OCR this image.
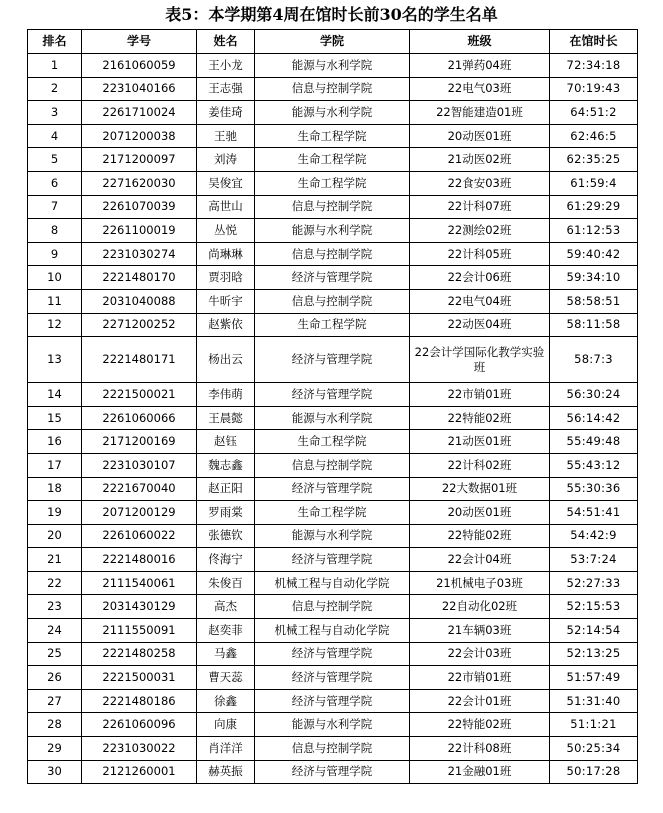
表5：本学期第4周在馆时长前30名的学生名单
排名	学号	姓名	学院	班级	在馆时长
1	2161060059	王小龙	能源与水利学院	21弹药04班	72:34:18
2	2231040166	王志强	信息与控制学院	22电气03班	70:19:43
3	2261710024	姜佳琦	能源与水利学院	22智能建造01班	64:51:2
4	2071200038	王驰	生命工程学院	20动医01班	62:46:5
5	2171200097	刘涛	生命工程学院	21动医02班	62:35:25
6	2271620030	吴俊宜	生命工程学院	22食安03班	61:59:4
7	2261070039	高世山	信息与控制学院	22计科07班	61:29:29
8	2261100019	丛悦	能源与水利学院	22测绘02班	61:12:53
9	2231030274	尚琳琳	信息与控制学院	22计科05班	59:40:42
10	2221480170	贾羽晗	经济与管理学院	22会计06班	59:34:10
11	2031040088	牛昕宇	信息与控制学院	22电气04班	58:58:51
12	2271200252	赵紫依	生命工程学院	22动医04班	58:11:58
13	2221480171	杨出云	经济与管理学院	22会计学国际化教学实验班	58:7:3
14	2221500021	李伟萌	经济与管理学院	22市销01班	56:30:24
15	2261060066	王晨懿	能源与水利学院	22特能02班	56:14:42
16	2171200169	赵钰	生命工程学院	21动医01班	55:49:48
17	2231030107	魏志鑫	信息与控制学院	22计科02班	55:43:12
18	2221670040	赵正阳	经济与管理学院	22大数据01班	55:30:36
19	2071200129	罗雨棠	生命工程学院	20动医01班	54:51:41
20	2261060022	张德钦	能源与水利学院	22特能02班	54:42:9
21	2221480016	佟海宁	经济与管理学院	22会计04班	53:7:24
22	2111540061	朱俊百	机械工程与自动化学院	21机械电子03班	52:27:33
23	2031430129	高杰	信息与控制学院	22自动化02班	52:15:53
24	2111550091	赵奕菲	机械工程与自动化学院	21车辆03班	52:14:54
25	2221480258	马鑫	经济与管理学院	22会计03班	52:13:25
26	2221500031	曹天蕊	经济与管理学院	22市销01班	51:57:49
27	2221480186	徐鑫	经济与管理学院	22会计01班	51:31:40
28	2261060096	向康	能源与水利学院	22特能02班	51:1:21
29	2231030022	肖洋洋	信息与控制学院	22计科08班	50:25:34
30	2121260001	赫英振	经济与管理学院	21金融01班	50:17:28
